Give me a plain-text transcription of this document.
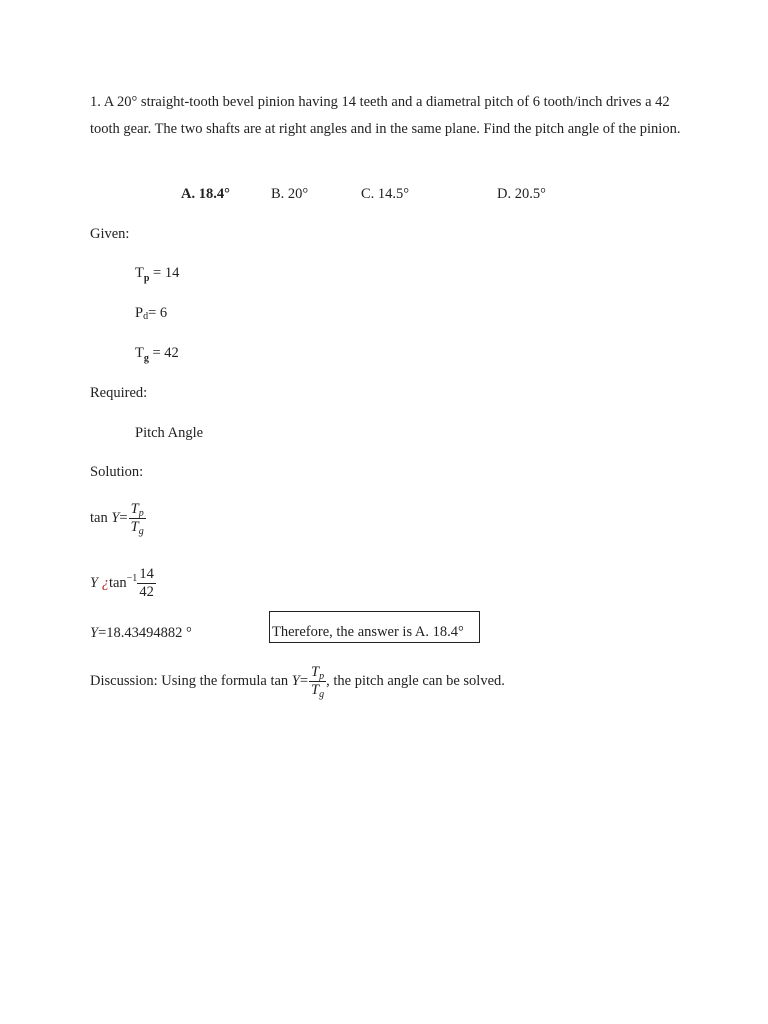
1. A 20° straight-tooth bevel pinion having 14 teeth and a diametral pitch of 6 tooth/inch drives a 42 tooth gear. The two shafts are at right angles and in the same plane. Find the pitch angle of the pinion.
A. 18.4°	B. 20°	C. 14.5°	D. 20.5°
Given:
$T_p = 14$
Pd= 6
$T_g = 42$
Required:
Pitch Angle
Solution:
$\tan Y= \frac{T_p}{T_g}$
Y ¿$\tan^{-1} \frac{14}{42}$
Y=18.43494882 °	Therefore, the answer is A. 18.4°
Discussion: Using the formula $\tan Y= \frac{T_p}{T_g}$ , the pitch angle can be solved.
